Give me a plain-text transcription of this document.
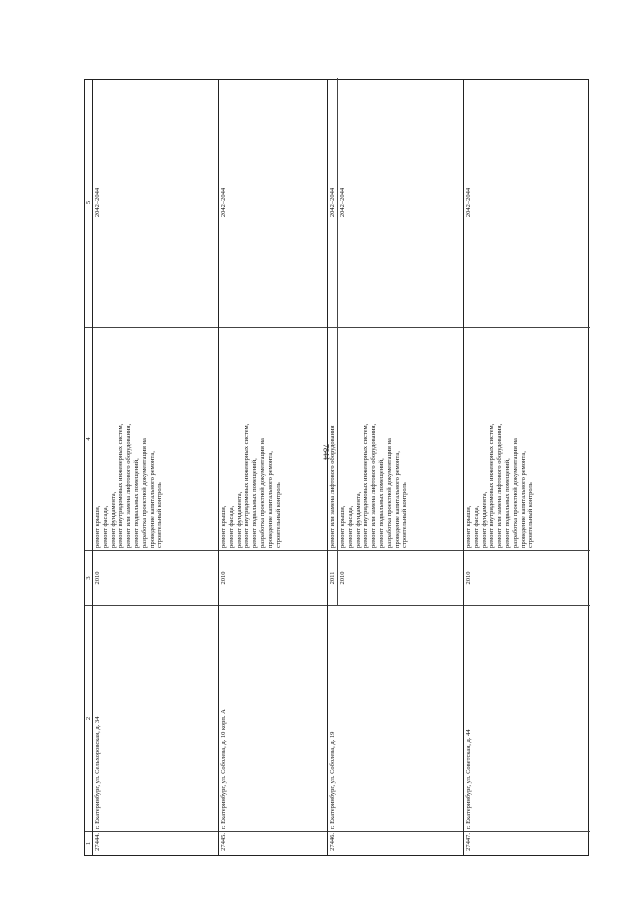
7844
1
2
3
4
5
27444.
г. Екатеринбург, ул. Сельхоровская, д. 34
2010
ремонт крыши, ремонт фасада, ремонт фундамента, ремонт внутридомовых инженерных систем, ремонт или замена лифтового оборудования, ремонт подвальных помещений, разработка проектной документации на проведение капитального ремонта, строительный контроль
2042–2044
27445.
г. Екатеринбург, ул. Соболева, д. 10 корп. А
2010
ремонт крыши, ремонт фасада, ремонт фундамента, ремонт внутридомовых инженерных систем, ремонт подвальных помещений, разработка проектной документации на проведение капитального ремонта, строительный контроль
2042–2044
27446.
г. Екатеринбург, ул. Соболева, д. 19
2011 2010
ремонт или замена лифтового оборудования ремонт крыши, ремонт фасада, ремонт фундамента, ремонт внутридомовых инженерных систем, ремонт или замена лифтового оборудования, ремонт подвальных помещений, разработка проектной документации на проведение капитального ремонта, строительный контроль
2042–2044 2042–2044
27447.
г. Екатеринбург, ул. Советская, д. 44
2010
ремонт крыши, ремонт фасада, ремонт фундамента, ремонт внутридомовых инженерных систем, ремонт или замена лифтового оборудования, ремонт подвальных помещений, разработка проектной документации на проведение капитального ремонта, строительный контроль
2042–2044
